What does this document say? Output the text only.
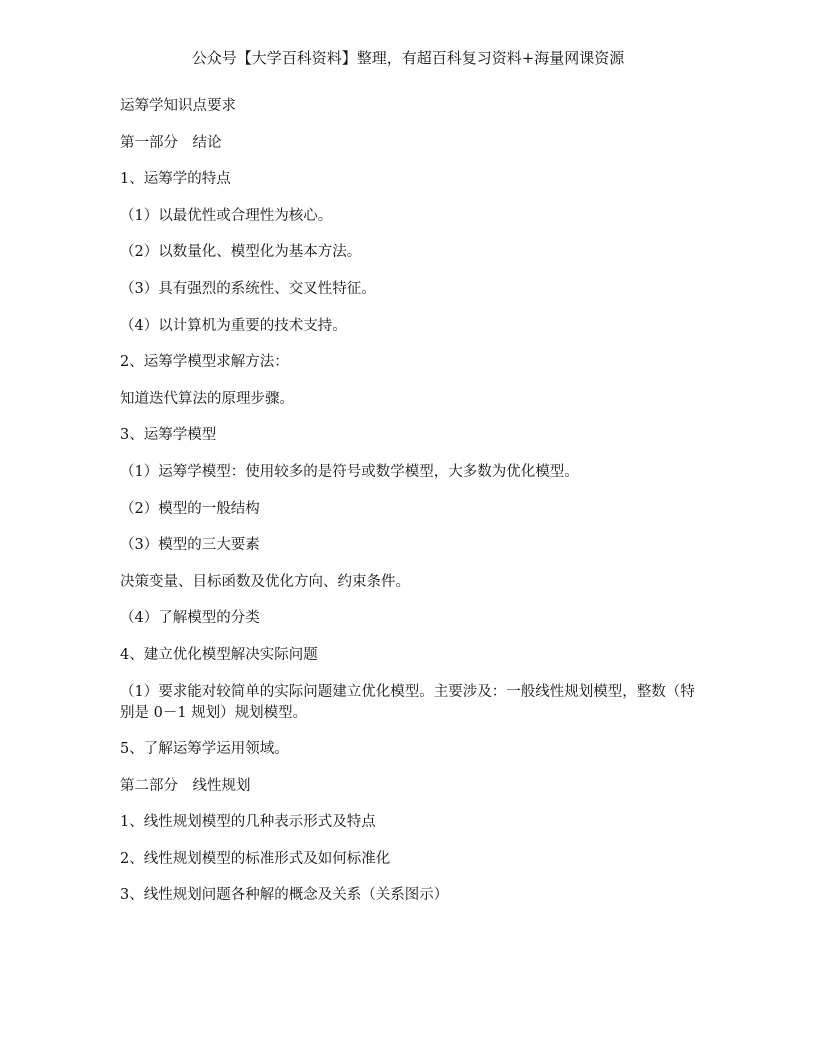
公众号【大学百科资料】整理，有超百科复习资料+海量网课资源
运筹学知识点要求
第一部分　结论
1、运筹学的特点
（1）以最优性或合理性为核心。
（2）以数量化、模型化为基本方法。
（3）具有强烈的系统性、交叉性特征。
（4）以计算机为重要的技术支持。
2、运筹学模型求解方法：
知道迭代算法的原理步骤。
3、运筹学模型
（1）运筹学模型：使用较多的是符号或数学模型，大多数为优化模型。
（2）模型的一般结构
（3）模型的三大要素
决策变量、目标函数及优化方向、约束条件。
（4）了解模型的分类
4、建立优化模型解决实际问题
（1）要求能对较简单的实际问题建立优化模型。主要涉及：一般线性规划模型，整数（特别是 0－1 规划）规划模型。
5、了解运筹学运用领域。
第二部分　线性规划
1、线性规划模型的几种表示形式及特点
2、线性规划模型的标准形式及如何标准化
3、线性规划问题各种解的概念及关系（关系图示）
